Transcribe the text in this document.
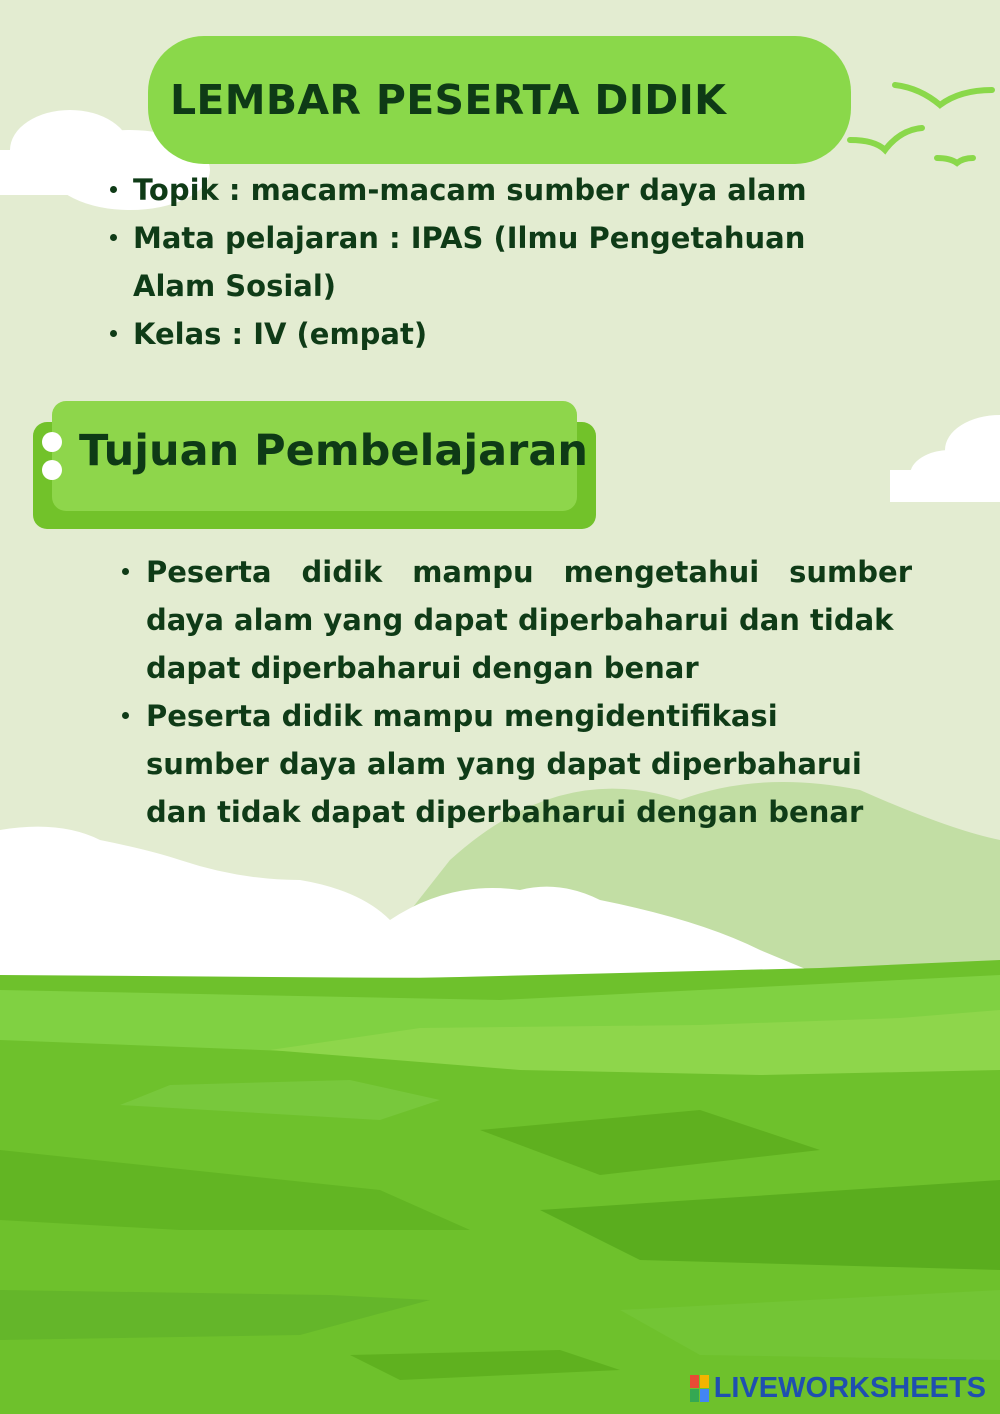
LEMBAR PESERTA DIDIK
Topik : macam-macam sumber daya alam
Mata pelajaran : IPAS (Ilmu Pengetahuan Alam Sosial)
Kelas : IV (empat)
Tujuan Pembelajaran
Peserta didik mampu mengetahui sumber
daya alam yang dapat diperbaharui dan tidak dapat diperbaharui dengan benar
Peserta didik mampu mengidentifikasi sumber daya alam yang dapat diperbaharui dan tidak dapat diperbaharui dengan benar
LIVEWORKSHEETS
